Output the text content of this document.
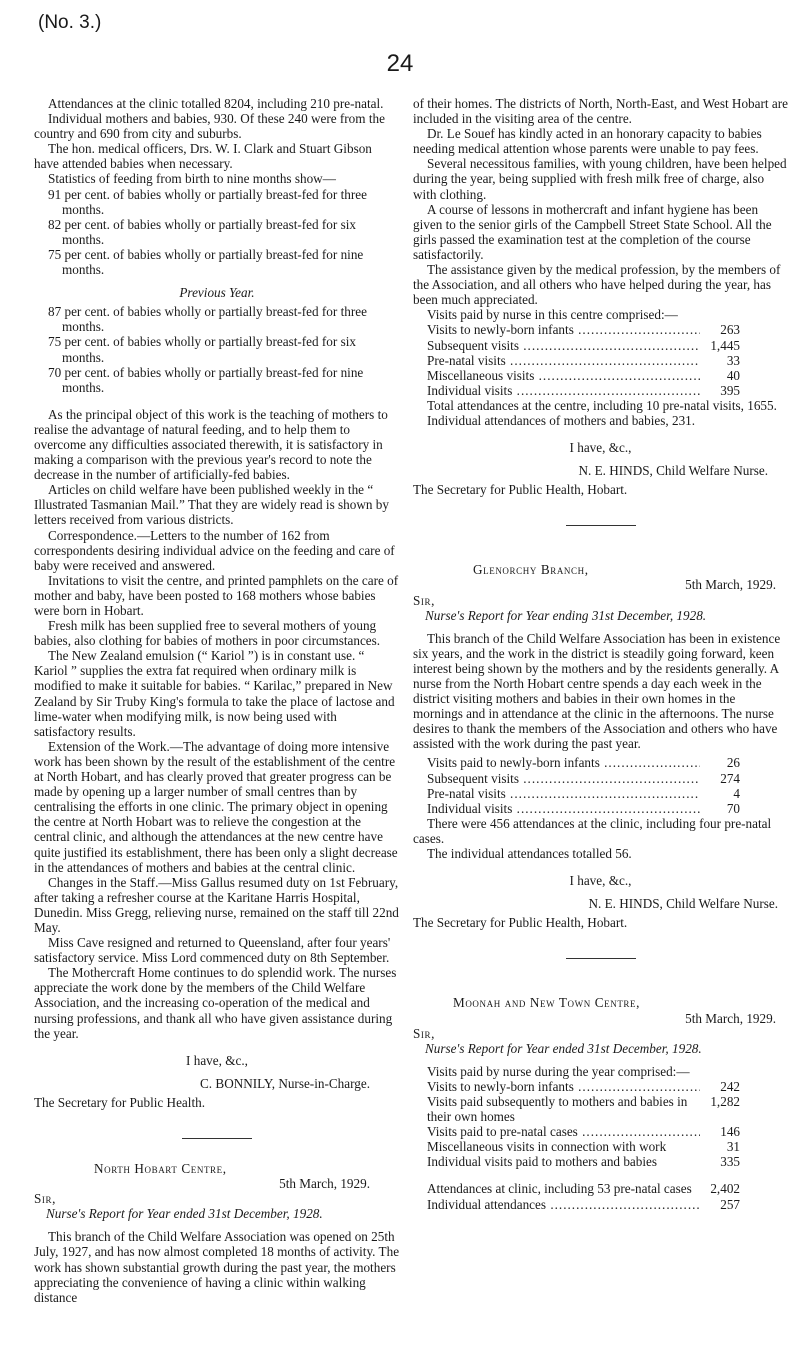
(No. 3.)
24

Attendances at the clinic totalled 8204, including 210 pre-natal.

Individual mothers and babies, 930. Of these 240 were from the country and 690 from city and suburbs.

The hon. medical officers, Drs. W. I. Clark and Stuart Gibson have attended babies when necessary.

Statistics of feeding from birth to nine months show—

91 per cent. of babies wholly or partially breast-fed for three months.

82 per cent. of babies wholly or partially breast-fed for six months.

75 per cent. of babies wholly or partially breast-fed for nine months.

Previous Year.

87 per cent. of babies wholly or partially breast-fed for three months.

75 per cent. of babies wholly or partially breast-fed for six months.

70 per cent. of babies wholly or partially breast-fed for nine months.

As the principal object of this work is the teaching of mothers to realise the advantage of natural feeding, and to help them to overcome any difficulties associated therewith, it is satisfactory in making a comparison with the previous year's record to note the decrease in the number of artificially-fed babies.

Articles on child welfare have been published weekly in the “ Illustrated Tasmanian Mail.” That they are widely read is shown by letters received from various districts.

Correspondence.—Letters to the number of 162 from correspondents desiring individual advice on the feeding and care of baby were received and answered.

Invitations to visit the centre, and printed pamphlets on the care of mother and baby, have been posted to 168 mothers whose babies were born in Hobart.

Fresh milk has been supplied free to several mothers of young babies, also clothing for babies of mothers in poor circumstances.

The New Zealand emulsion (“ Kariol ”) is in constant use. “ Kariol ” supplies the extra fat required when ordinary milk is modified to make it suitable for babies. “ Karilac,” prepared in New Zealand by Sir Truby King's formula to take the place of lactose and lime-water when modifying milk, is now being used with satisfactory results.

Extension of the Work.—The advantage of doing more intensive work has been shown by the result of the establishment of the centre at North Hobart, and has clearly proved that greater progress can be made by opening up a larger number of small centres than by centralising the efforts in one clinic. The primary object in opening the centre at North Hobart was to relieve the congestion at the central clinic, and although the attendances at the new centre have quite justified its establishment, there has been only a slight decrease in the attendances of mothers and babies at the central clinic.

Changes in the Staff.—Miss Gallus resumed duty on 1st February, after taking a refresher course at the Karitane Harris Hospital, Dunedin. Miss Gregg, relieving nurse, remained on the staff till 22nd May.

Miss Cave resigned and returned to Queensland, after four years' satisfactory service. Miss Lord commenced duty on 8th September.

The Mothercraft Home continues to do splendid work. The nurses appreciate the work done by the members of the Child Welfare Association, and the increasing co-operation of the medical and nursing professions, and thank all who have given assistance during the year.

I have, &c.,

C. BONNILY, Nurse-in-Charge.

The Secretary for Public Health.

North Hobart Centre,

5th March, 1929.

Sir,

Nurse's Report for Year ended 31st December, 1928.

This branch of the Child Welfare Association was opened on 25th July, 1927, and has now almost completed 18 months of activity. The work has shown substantial growth during the past year, the mothers appreciating the convenience of having a clinic within walking distance

of their homes. The districts of North, North-East, and West Hobart are included in the visiting area of the centre.

Dr. Le Souef has kindly acted in an honorary capacity to babies needing medical attention whose parents were unable to pay fees.

Several necessitous families, with young children, have been helped during the year, being supplied with fresh milk free of charge, also with clothing.

A course of lessons in mothercraft and infant hygiene has been given to the senior girls of the Campbell Street State School. All the girls passed the examination test at the completion of the course satisfactorily.

The assistance given by the medical profession, by the members of the Association, and all others who have helped during the year, has been much appreciated.

Visits paid by nurse in this centre comprised:—

Visits to newly-born infants .....	263
Subsequent visits .....	1,445
Pre-natal visits .....	33
Miscellaneous visits .....	40
Individual visits .....	395

Total attendances at the centre, including 10 pre-natal visits, 1655.

Individual attendances of mothers and babies, 231.

I have, &c.,

N. E. HINDS, Child Welfare Nurse.

The Secretary for Public Health, Hobart.

Glenorchy Branch,

5th March, 1929.

Sir,

Nurse's Report for Year ending 31st December, 1928.

This branch of the Child Welfare Association has been in existence six years, and the work in the district is steadily going forward, keen interest being shown by the mothers and by the residents generally. A nurse from the North Hobart centre spends a day each week in the district visiting mothers and babies in their own homes in the mornings and in attendance at the clinic in the afternoons. The nurse desires to thank the members of the Association and others who have assisted with the work during the past year.

Visits paid to newly-born infants .....	26
Subsequent visits .....	274
Pre-natal visits .....	4
Individual visits .....	70

There were 456 attendances at the clinic, including four pre-natal cases.

The individual attendances totalled 56.

I have, &c.,

N. E. HINDS, Child Welfare Nurse.

The Secretary for Public Health, Hobart.

Moonah and New Town Centre,

5th March, 1929.

Sir,

Nurse's Report for Year ended 31st December, 1928.

Visits paid by nurse during the year comprised:—

Visits to newly-born infants .....	242
Visits paid subsequently to mothers and babies in their own homes
1,282
Visits paid to pre-natal cases .....	146
Miscellaneous visits in connection with work	31
Individual visits paid to mothers and babies	335
Attendances at clinic, including 53 pre-natal cases	2,402
Individual attendances .....	257
